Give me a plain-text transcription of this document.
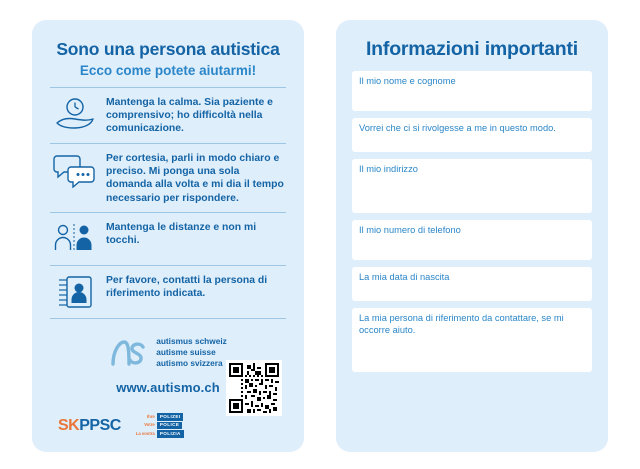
Sono una persona autistica
Ecco come potete aiutarmi!
Mantenga la calma. Sia paziente e comprensivo; ho difficoltà nella comunicazione.
Per cortesia, parli in modo chiaro e preciso. Mi ponga una sola domanda alla volta e mi dia il tempo necessario per rispondere.
Mantenga le distanze e non mi tocchi.
Per favore, contatti la persona di riferimento indicata.
autismus schweiz
autisme suisse
autismo svizzera
www.autismo.ch
SKPPSC
Ihre	POLIZEI
Votre	POLICE
La vostra	POLIZIA
Informazioni importanti
Il mio nome e cognome
Vorrei che ci si rivolgesse a me in questo modo.
Il mio indirizzo
Il mio numero di telefono
La mia data di nascita
La mia persona di riferimento da contattare, se mi occorre aiuto.
